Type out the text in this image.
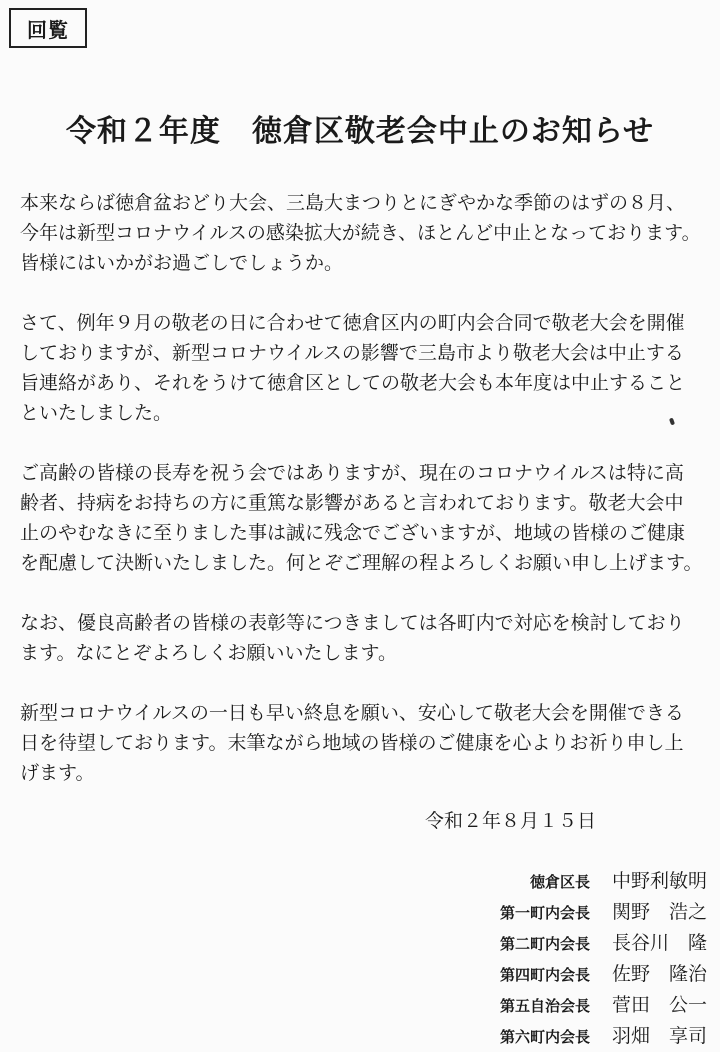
回覧
令和２年度　徳倉区敬老会中止のお知らせ
本来ならば徳倉盆おどり大会、三島大まつりとにぎやかな季節のはずの８月、
今年は新型コロナウイルスの感染拡大が続き、ほとんど中止となっております。
皆様にはいかがお過ごしでしょうか。
さて、例年９月の敬老の日に合わせて徳倉区内の町内会合同で敬老大会を開催
しておりますが、新型コロナウイルスの影響で三島市より敬老大会は中止する
旨連絡があり、それをうけて徳倉区としての敬老大会も本年度は中止すること
といたしました。
ご高齢の皆様の長寿を祝う会ではありますが、現在のコロナウイルスは特に高
齢者、持病をお持ちの方に重篤な影響があると言われております。敬老大会中
止のやむなきに至りました事は誠に残念でございますが、地域の皆様のご健康
を配慮して決断いたしました。何とぞご理解の程よろしくお願い申し上げます。
なお、優良高齢者の皆様の表彰等につきましては各町内で対応を検討しており
ます。なにとぞよろしくお願いいたします。
新型コロナウイルスの一日も早い終息を願い、安心して敬老大会を開催できる
日を待望しております。末筆ながら地域の皆様のご健康を心よりお祈り申し上
げます。
令和２年８月１５日
徳倉区長 中野利敏明
第一町内会長 関野　浩之
第二町内会長 長谷川　隆
第四町内会長 佐野　隆治
第五自治会長 菅田　公一
第六町内会長 羽畑　享司
